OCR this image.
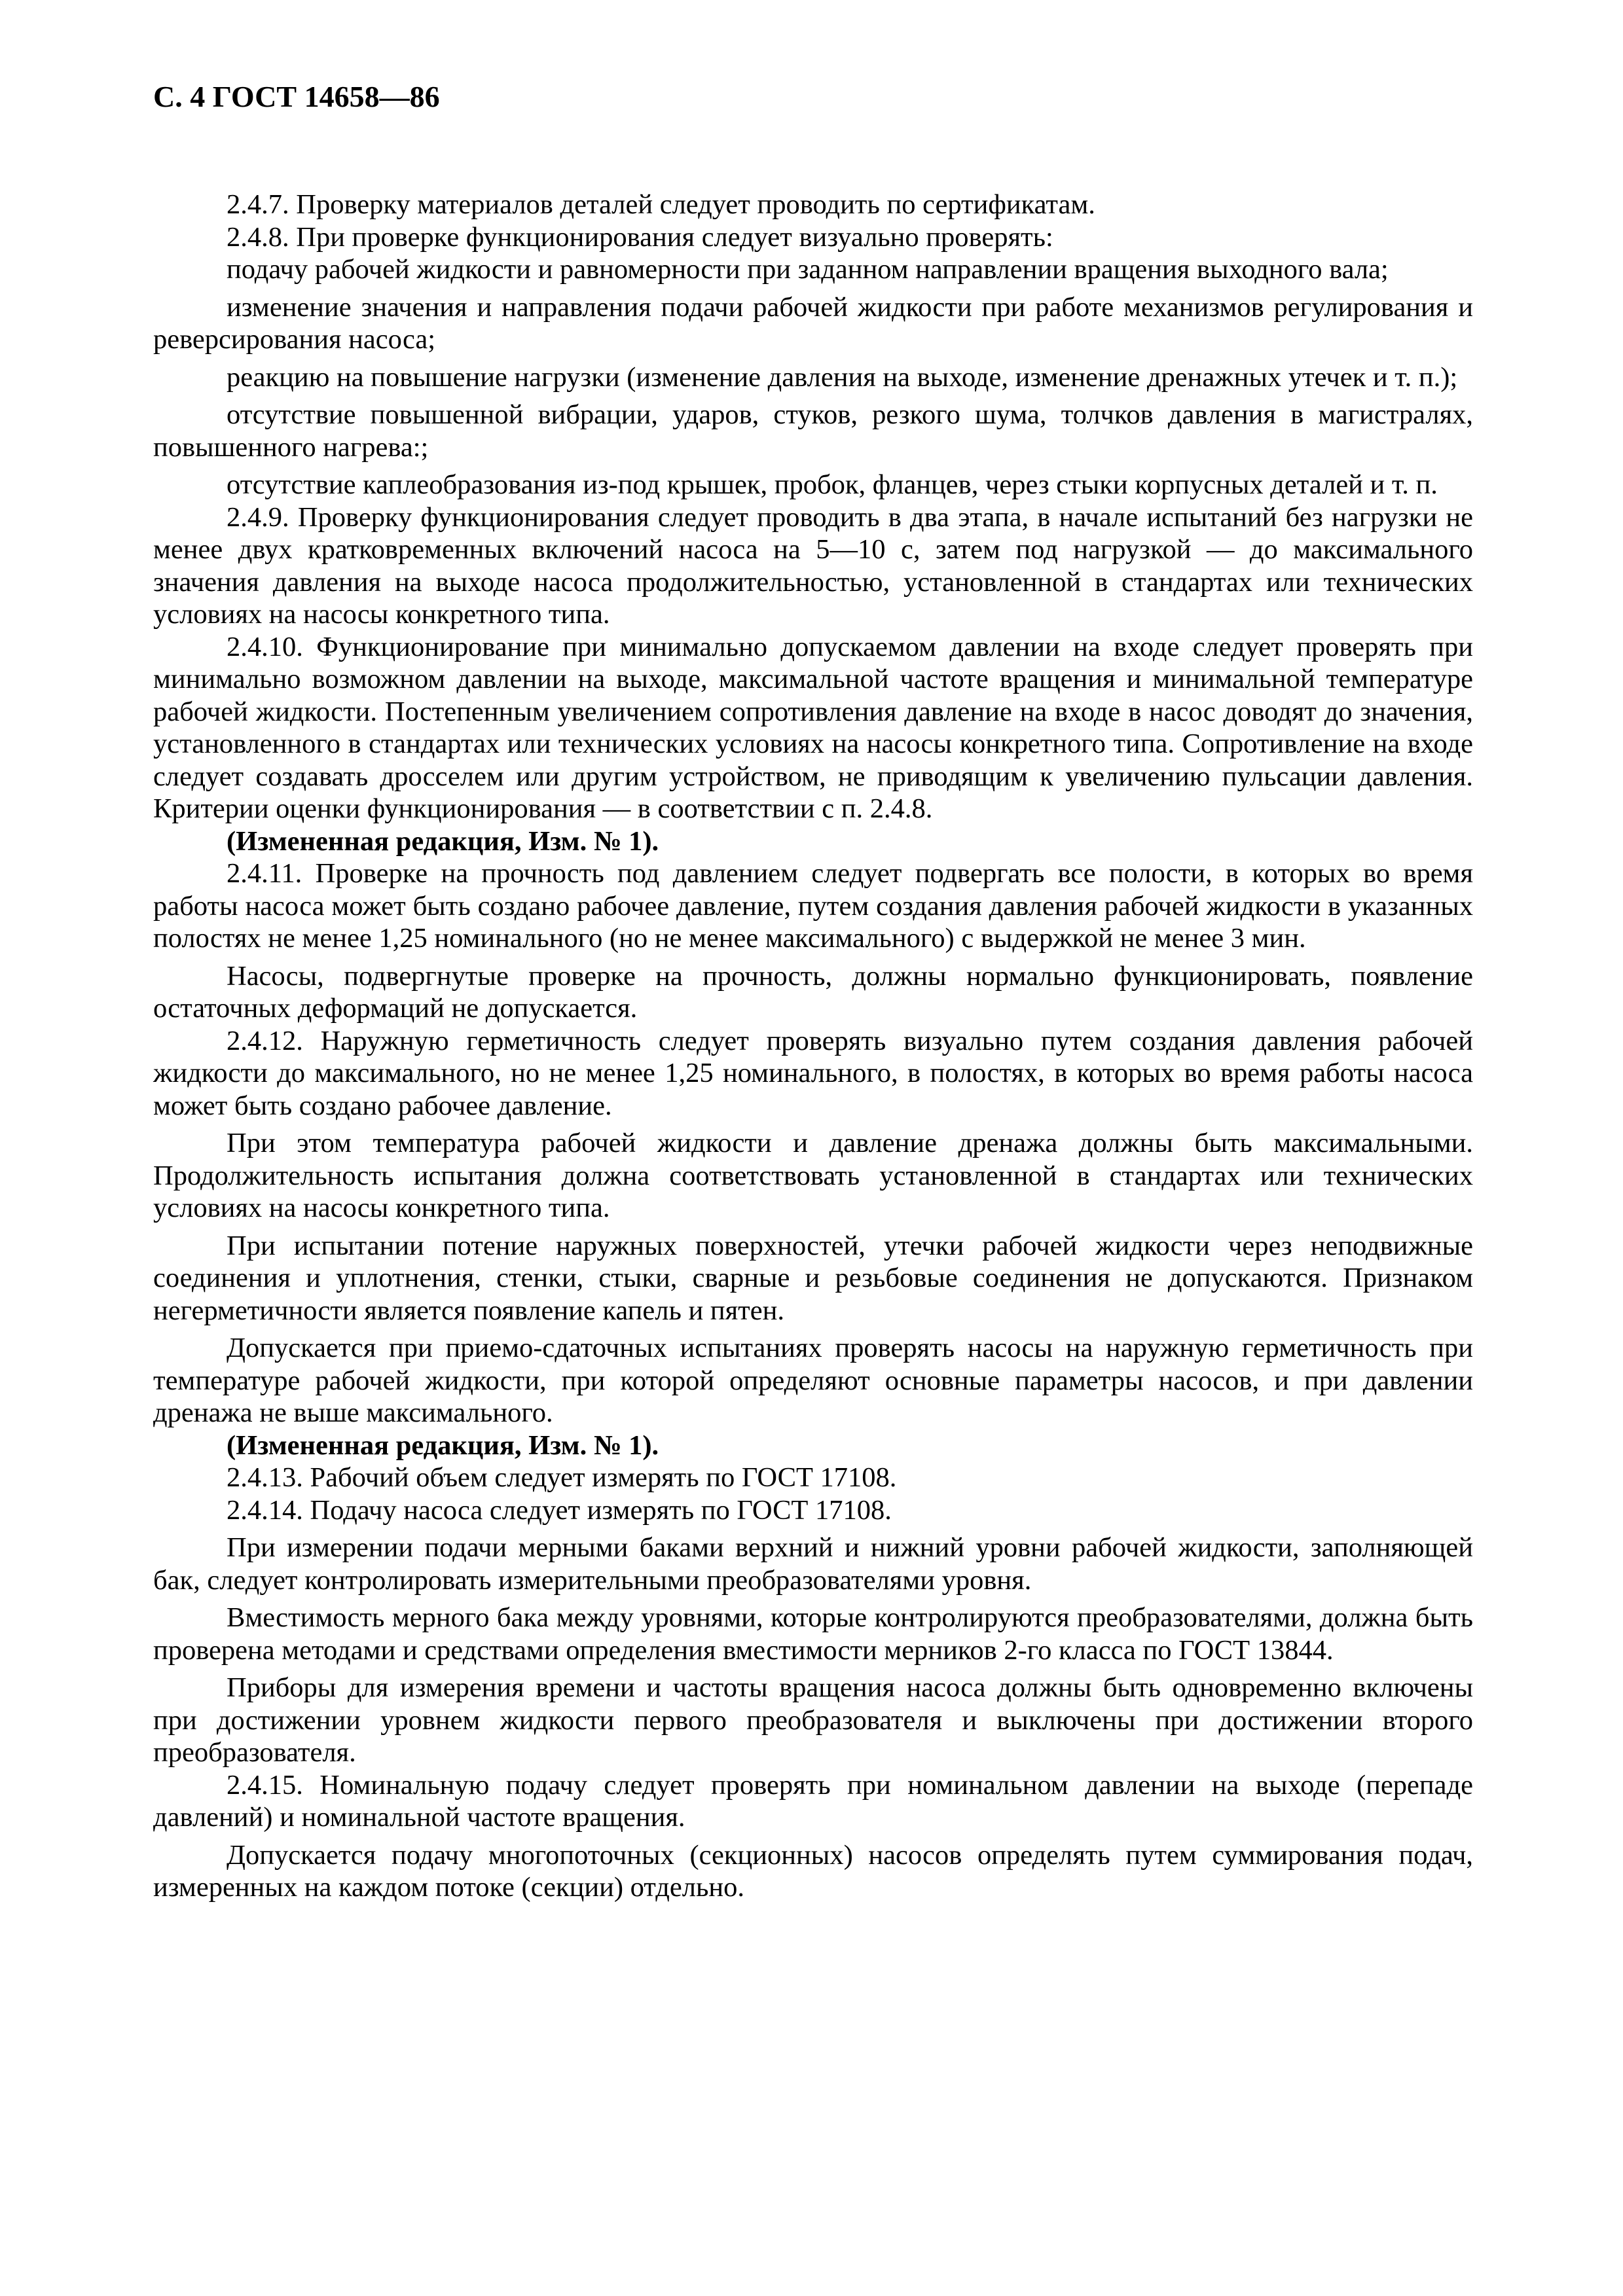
С. 4 ГОСТ 14658—86

2.4.7. Проверку материалов деталей следует проводить по сертификатам.

2.4.8. При проверке функционирования следует визуально проверять:

подачу рабочей жидкости и равномерности при заданном направлении вращения выходного вала;

изменение значения и направления подачи рабочей жидкости при работе механизмов регулирования и реверсирования насоса;

реакцию на повышение нагрузки (изменение давления на выходе, изменение дренажных утечек и т. п.);

отсутствие повышенной вибрации, ударов, стуков, резкого шума, толчков давления в магистралях, повышенного нагрева:;

отсутствие каплеобразования из-под крышек, пробок, фланцев, через стыки корпусных деталей и т. п.

2.4.9. Проверку функционирования следует проводить в два этапа, в начале испытаний без нагрузки не менее двух кратковременных включений насоса на 5—10 с, затем под нагрузкой — до максимального значения давления на выходе насоса продолжительностью, установленной в стандартах или технических условиях на насосы конкретного типа.

2.4.10. Функционирование при минимально допускаемом давлении на входе следует проверять при минимально возможном давлении на выходе, максимальной частоте вращения и минимальной температуре рабочей жидкости. Постепенным увеличением сопротивления давление на входе в насос доводят до значения, установленного в стандартах или технических условиях на насосы конкретного типа. Сопротивление на входе следует создавать дросселем или другим устройством, не приводящим к увеличению пульсации давления. Критерии оценки функционирования — в соответствии с п. 2.4.8.

(Измененная редакция, Изм. № 1).

2.4.11. Проверке на прочность под давлением следует подвергать все полости, в которых во время работы насоса может быть создано рабочее давление, путем создания давления рабочей жидкости в указанных полостях не менее 1,25 номинального (но не менее максимального) с выдержкой не менее 3 мин.

Насосы, подвергнутые проверке на прочность, должны нормально функционировать, появление остаточных деформаций не допускается.

2.4.12. Наружную герметичность следует проверять визуально путем создания давления рабочей жидкости до максимального, но не менее 1,25 номинального, в полостях, в которых во время работы насоса может быть создано рабочее давление.

При этом температура рабочей жидкости и давление дренажа должны быть максимальными. Продолжительность испытания должна соответствовать установленной в стандартах или технических условиях на насосы конкретного типа.

При испытании потение наружных поверхностей, утечки рабочей жидкости через неподвижные соединения и уплотнения, стенки, стыки, сварные и резьбовые соединения не допускаются. Признаком негерметичности является появление капель и пятен.

Допускается при приемо-сдаточных испытаниях проверять насосы на наружную герметичность при температуре рабочей жидкости, при которой определяют основные параметры насосов, и при давлении дренажа не выше максимального.

(Измененная редакция, Изм. № 1).

2.4.13. Рабочий объем следует измерять по ГОСТ 17108.

2.4.14. Подачу насоса следует измерять по ГОСТ 17108.

При измерении подачи мерными баками верхний и нижний уровни рабочей жидкости, заполняющей бак, следует контролировать измерительными преобразователями уровня.

Вместимость мерного бака между уровнями, которые контролируются преобразователями, должна быть проверена методами и средствами определения вместимости мерников 2-го класса по ГОСТ 13844.

Приборы для измерения времени и частоты вращения насоса должны быть одновременно включены при достижении уровнем жидкости первого преобразователя и выключены при достижении второго преобразователя.

2.4.15. Номинальную подачу следует проверять при номинальном давлении на выходе (перепаде давлений) и номинальной частоте вращения.

Допускается подачу многопоточных (секционных) насосов определять путем суммирования подач, измеренных на каждом потоке (секции) отдельно.
